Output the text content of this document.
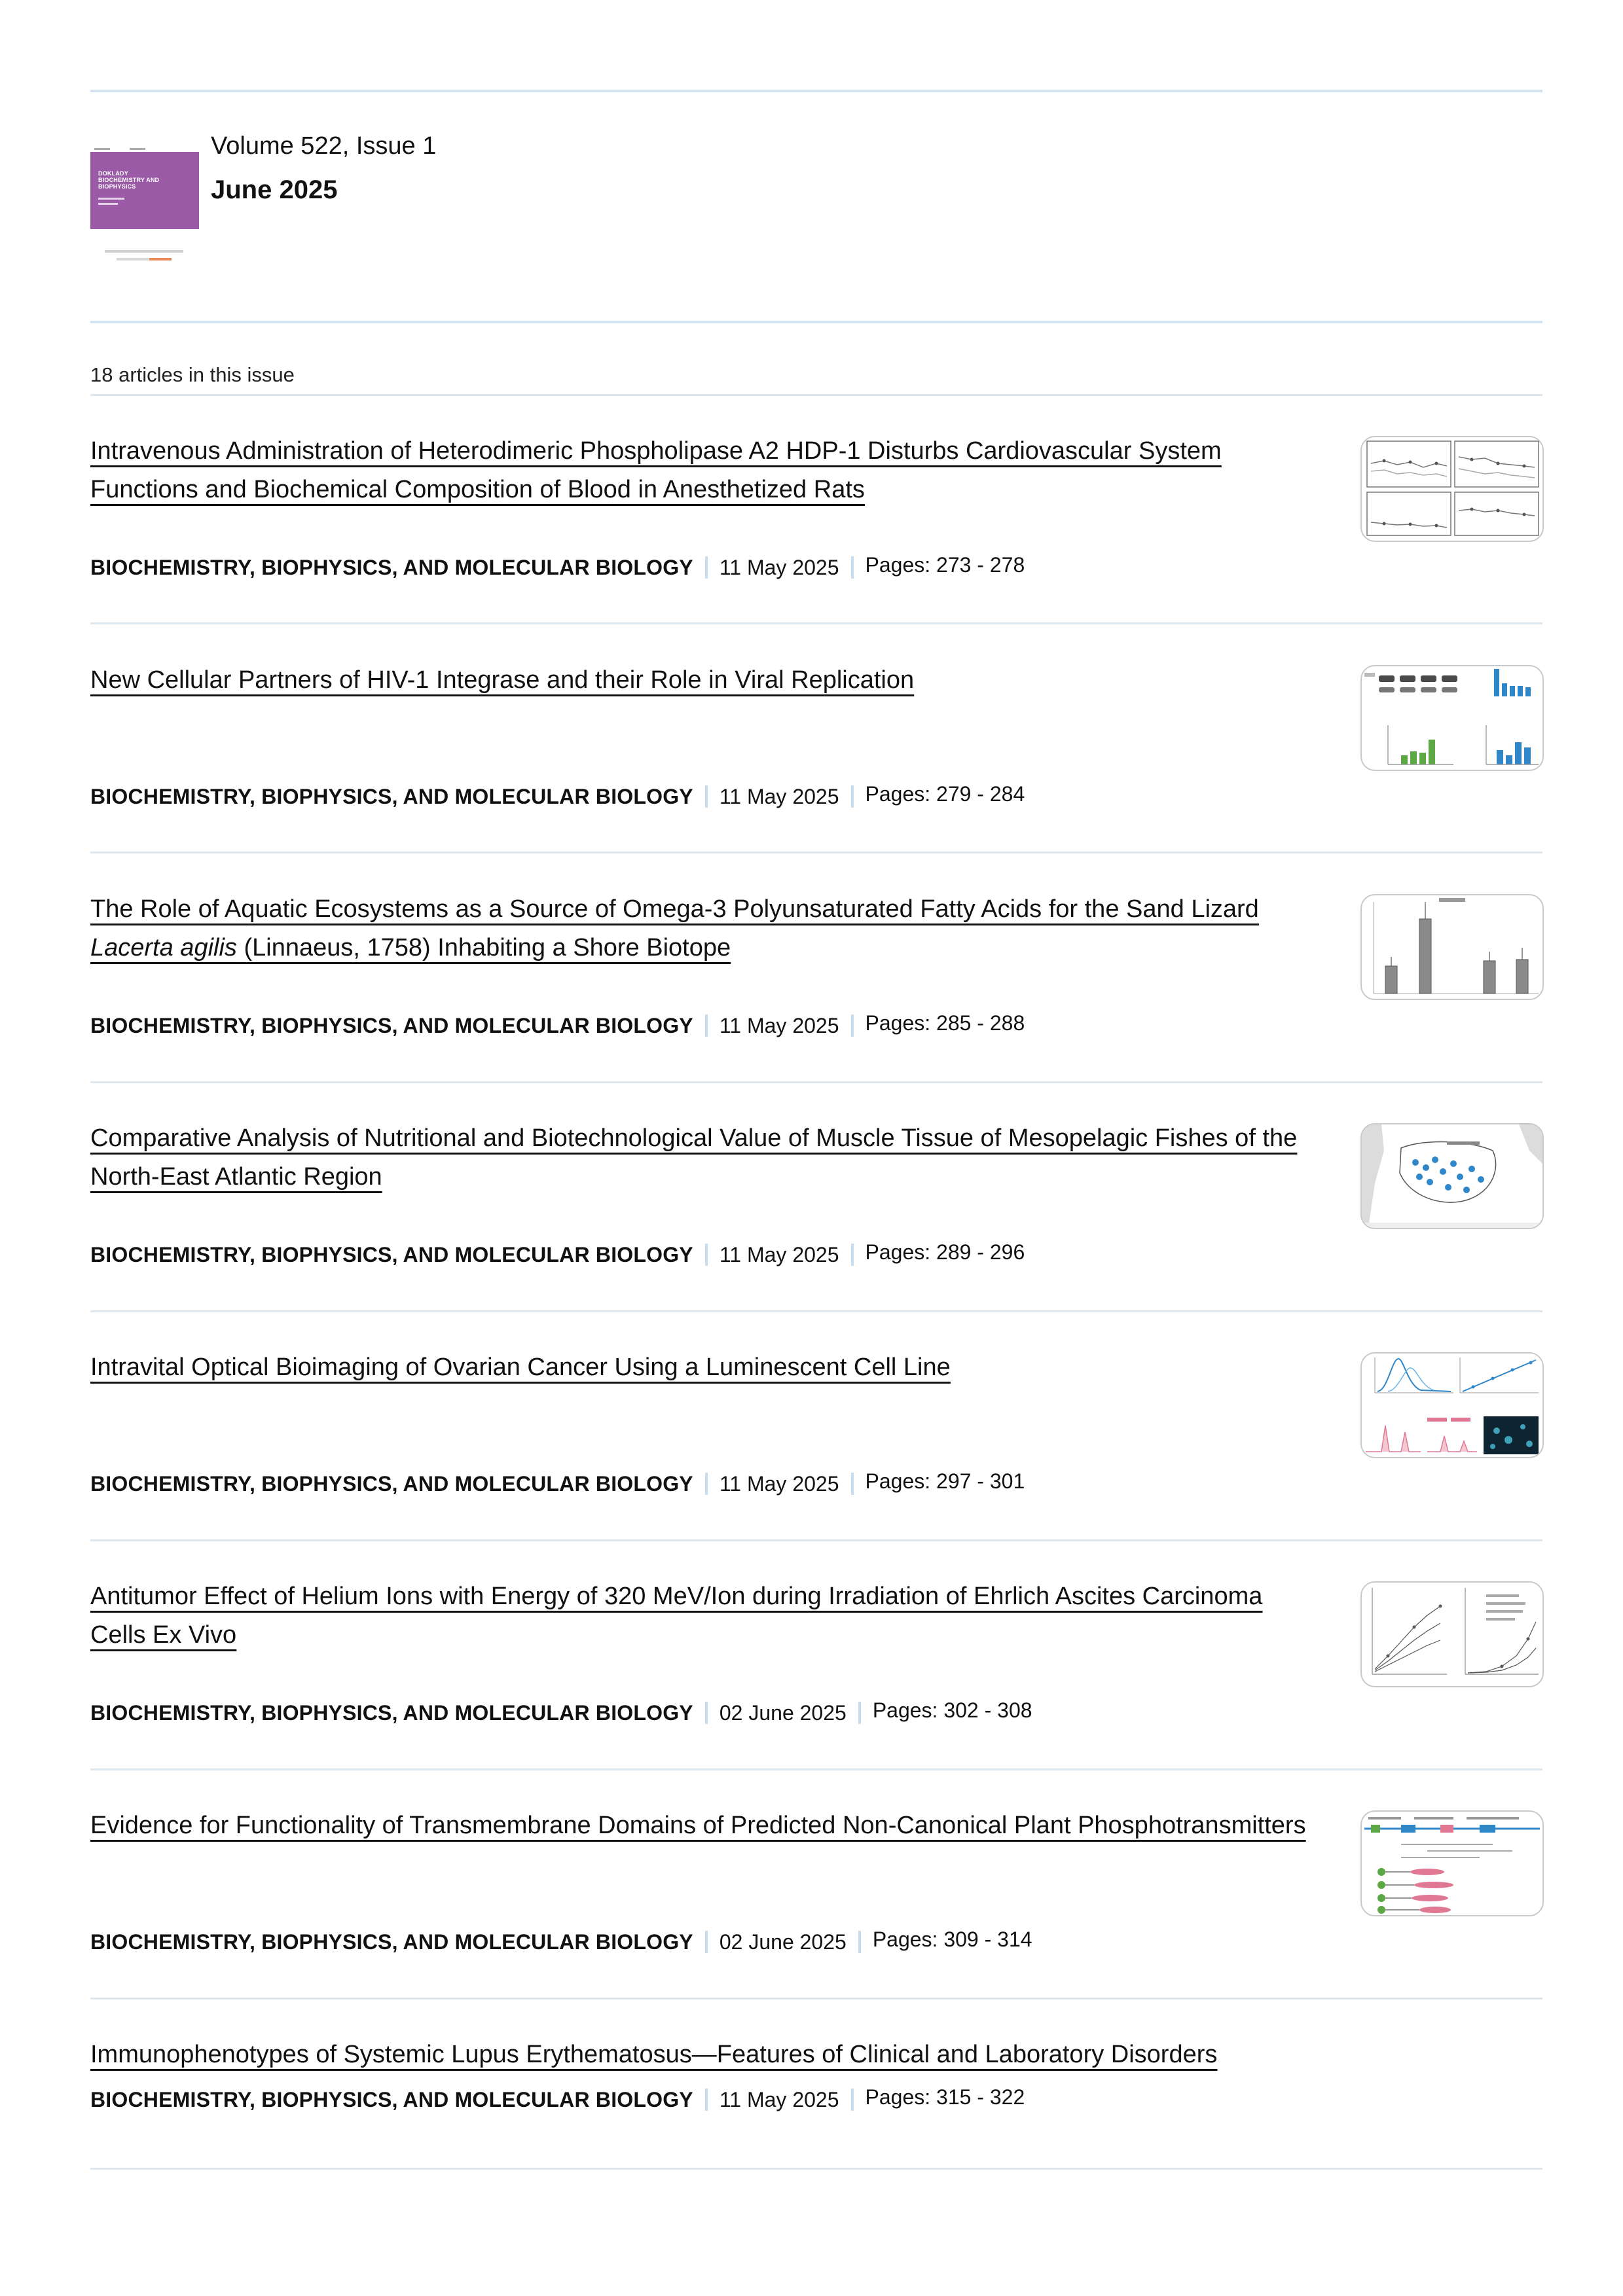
DOKLADY BIOCHEMISTRY AND BIOPHYSICS
Volume 522, Issue 1
June 2025
18 articles in this issue
Intravenous Administration of Heterodimeric Phospholipase A2 HDP-1 Disturbs Cardiovascular System Functions and Biochemical Composition of Blood in Anesthetized Rats
BIOCHEMISTRY, BIOPHYSICS, AND MOLECULAR BIOLOGY 11 May 2025 Pages: 273 - 278
New Cellular Partners of HIV-1 Integrase and their Role in Viral Replication
BIOCHEMISTRY, BIOPHYSICS, AND MOLECULAR BIOLOGY 11 May 2025 Pages: 279 - 284
The Role of Aquatic Ecosystems as a Source of Omega-3 Polyunsaturated Fatty Acids for the Sand Lizard Lacerta agilis (Linnaeus, 1758) Inhabiting a Shore Biotope
BIOCHEMISTRY, BIOPHYSICS, AND MOLECULAR BIOLOGY 11 May 2025 Pages: 285 - 288
Comparative Analysis of Nutritional and Biotechnological Value of Muscle Tissue of Mesopelagic Fishes of the North-East Atlantic Region
BIOCHEMISTRY, BIOPHYSICS, AND MOLECULAR BIOLOGY 11 May 2025 Pages: 289 - 296
Intravital Optical Bioimaging of Ovarian Cancer Using a Luminescent Cell Line
BIOCHEMISTRY, BIOPHYSICS, AND MOLECULAR BIOLOGY 11 May 2025 Pages: 297 - 301
Antitumor Effect of Helium Ions with Energy of 320 MeV/Ion during Irradiation of Ehrlich Ascites Carcinoma Cells Ex Vivo
BIOCHEMISTRY, BIOPHYSICS, AND MOLECULAR BIOLOGY 02 June 2025 Pages: 302 - 308
Evidence for Functionality of Transmembrane Domains of Predicted Non-Canonical Plant Phosphotransmitters
BIOCHEMISTRY, BIOPHYSICS, AND MOLECULAR BIOLOGY 02 June 2025 Pages: 309 - 314
Immunophenotypes of Systemic Lupus Erythematosus—Features of Clinical and Laboratory Disorders
BIOCHEMISTRY, BIOPHYSICS, AND MOLECULAR BIOLOGY 11 May 2025 Pages: 315 - 322
